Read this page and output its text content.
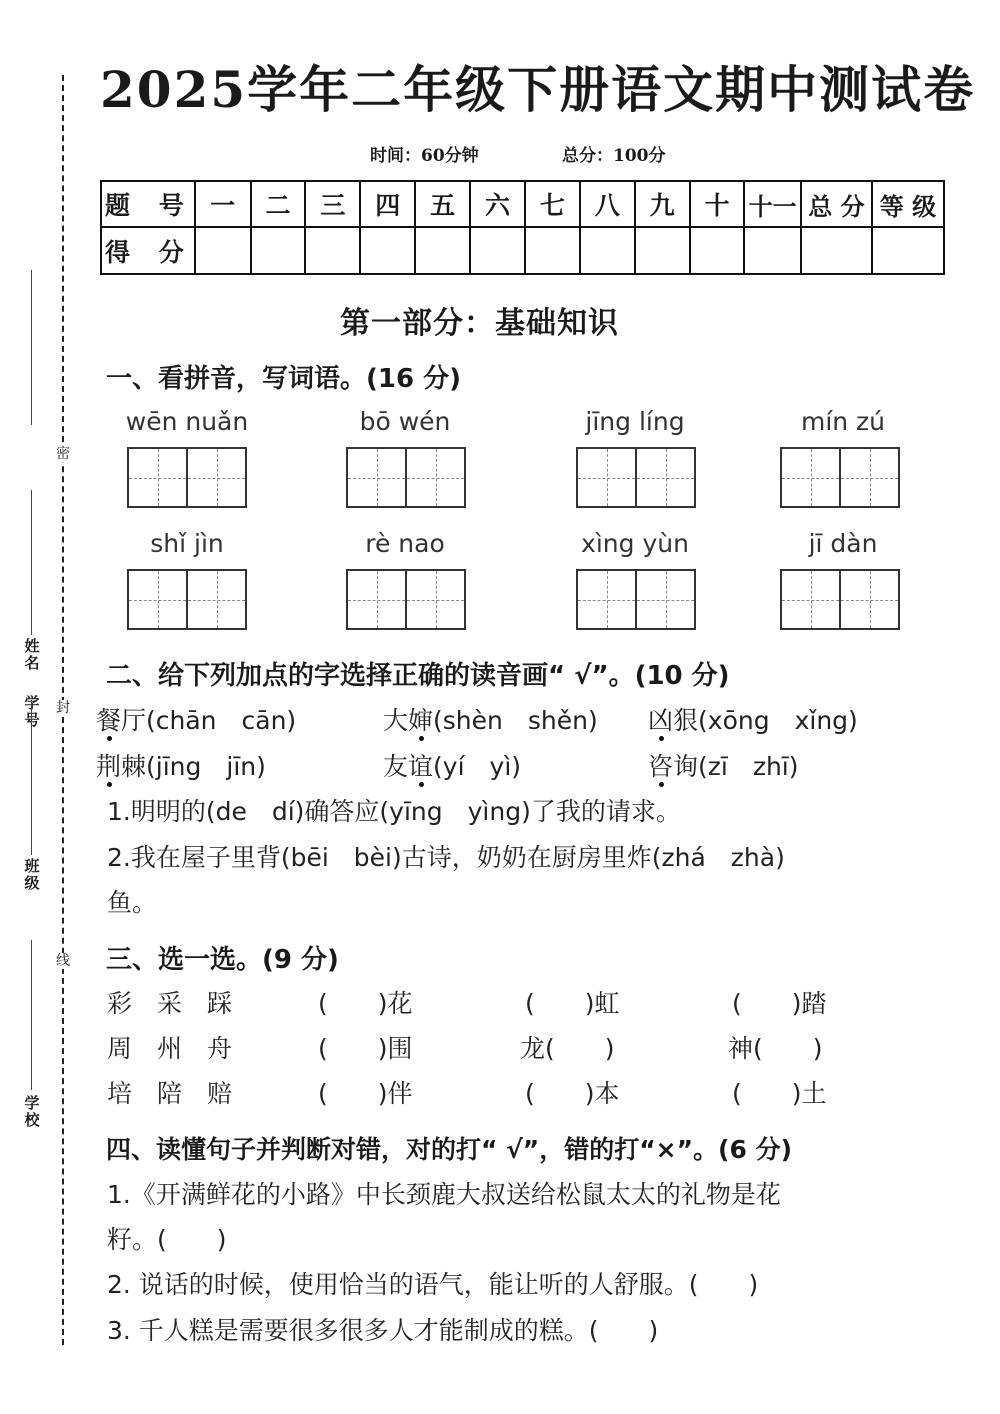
密
封
线
学号
姓名
班级
学校
2025学年二年级下册语文期中测试卷
时间：60分钟	总分：100分
题 号	一	二	三	四	五	六	七	八	九	十	十一	总 分	等 级
得 分													
第一部分：基础知识
一、看拼音，写词语。(16 分)
wēn nuǎn	bō wén	jīng líng	mín zú
shǐ jìn	rè nao	xìng yùn	jī dàn
二、给下列加点的字选择正确的读音画“ √”。(10 分)
餐厅(chān　cān)	大婶(shèn　shěn) 凶狠(xōng　xǐng)
荆棘(jīng　jīn)	友谊(yí　yì)	咨询(zī　zhī)
1.明明的(de　dí)确答应(yīng　yìng)了我的请求。
2.我在屋子里背(bēi　bèi)古诗，奶奶在厨房里炸(zhá　zhà)
鱼。
三、选一选。(9 分)
彩　采　踩	(　　)花	(　　)虹	(　　)踏
周　州　舟	(　　)围	龙(　　)	神(　　)
培　陪　赔	(　　)伴	(　　)本	(　　)土
四、读懂句子并判断对错，对的打“ √”，错的打“×”。(6 分)
1.《开满鲜花的小路》中长颈鹿大叔送给松鼠太太的礼物是花
籽。(　　)
2. 说话的时候，使用恰当的语气，能让听的人舒服。(　　)
3. 千人糕是需要很多很多人才能制成的糕。(　　)
